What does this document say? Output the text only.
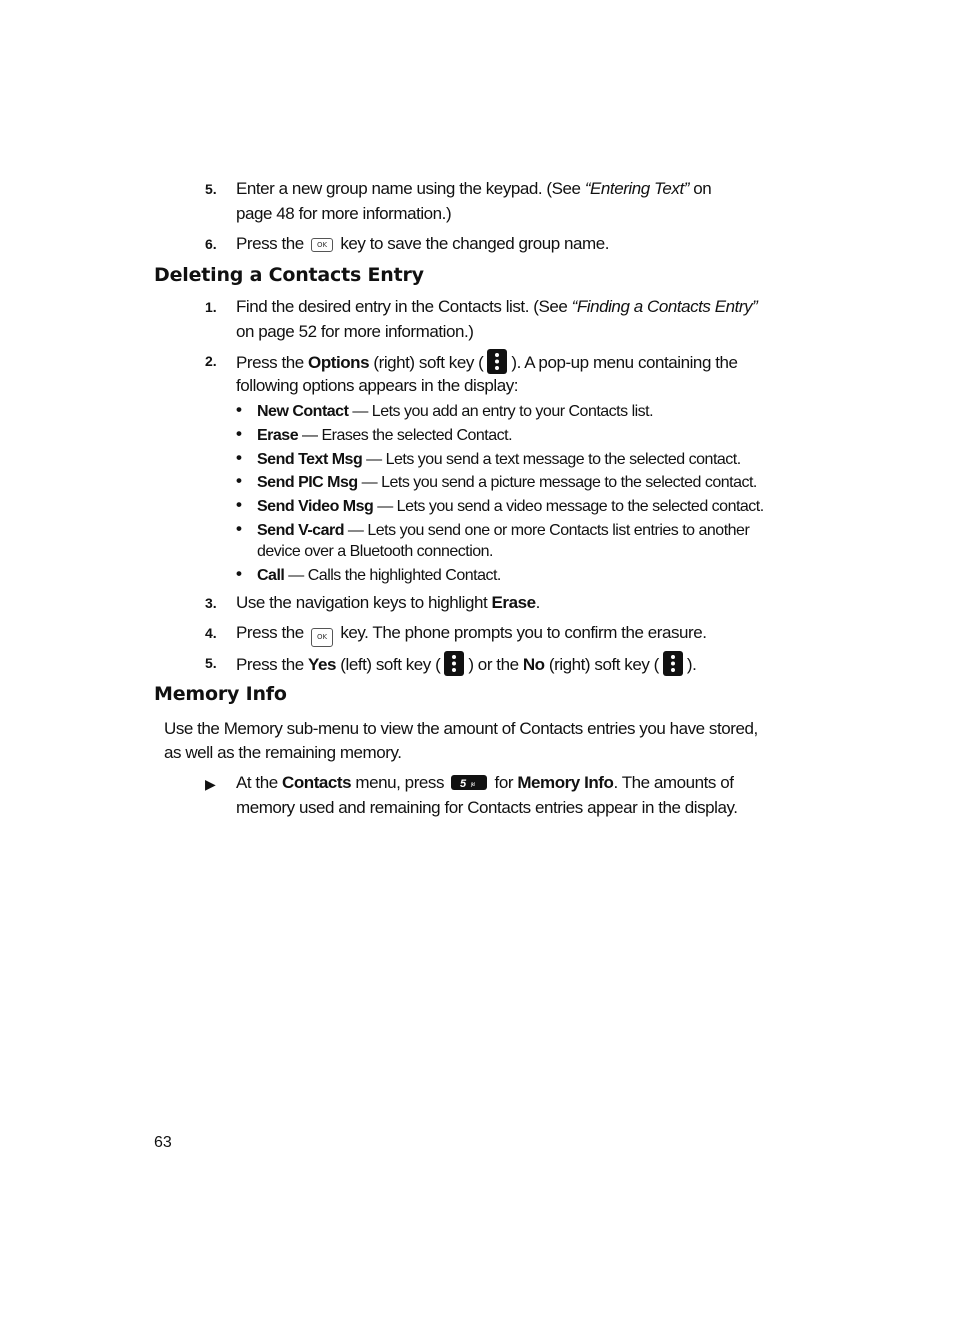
5. Enter a new group name using the keypad. (See “Entering Text” on
page 48 for more information.)
6. Press the OK key to save the changed group name.
Deleting a Contacts Entry
1. Find the desired entry in the Contacts list. (See “Finding a Contacts Entry”
on page 52 for more information.)
2. Press the Options (right) soft key ( ). A pop-up menu containing the
following options appears in the display:
• New Contact — Lets you add an entry to your Contacts list.
• Erase — Erases the selected Contact.
• Send Text Msg — Lets you send a text message to the selected contact.
• Send PIC Msg — Lets you send a picture message to the selected contact.
• Send Video Msg — Lets you send a video message to the selected contact.
• Send V-card — Lets you send one or more Contacts list entries to another
device over a Bluetooth connection.
• Call — Calls the highlighted Contact.
3. Use the navigation keys to highlight Erase.
4. Press the OK key. The phone prompts you to confirm the erasure.
5. Press the Yes (left) soft key ( ) or the No (right) soft key ( ).
Memory Info
Use the Memory sub-menu to view the amount of Contacts entries you have stored,
as well as the remaining memory.
▶ At the Contacts menu, press 5 jkl for Memory Info. The amounts of
memory used and remaining for Contacts entries appear in the display.
63
